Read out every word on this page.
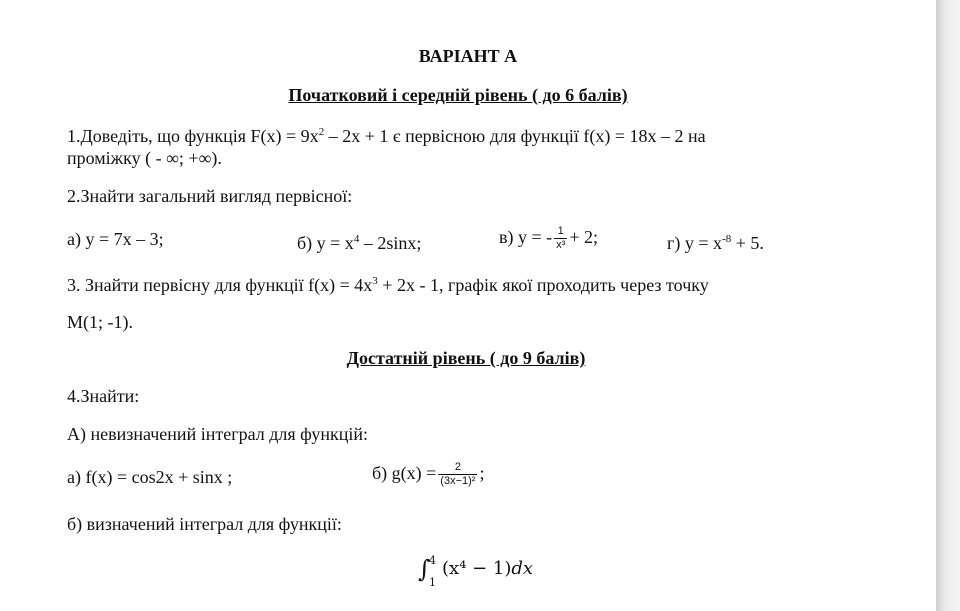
ВАРІАНТ А
Початковий і середній рівень ( до 6 балів)
1.Доведіть, що функція $F(x) = 9x^2 - 2x + 1$ є первісною для функції f(x) = 18x – 2 на
проміжку ( - ∞; +∞).
2.Знайти загальний вигляд первісної:
а) y = 7x – 3;	б) $y = x^4 - 2\sin x$;	в) y = - $\frac{1}{\text{x³}} + 2$;	г) $y = x^{-8} + 5$.
3. Знайти первісну для функції $f(x) = 4x^3 + 2x - 1$, графік якої проходить через точку
M(1; -1).
Достатній рівень ( до 9 балів)
4.Знайти:
А) невизначений інтеграл для функцій:
а) f(x) = cos2x + sinx ;	б) $g(x) = \frac{2}{\text{(3x−1)²}}$ ;
б) визначений інтеграл для функції:
∫
4
1
(x⁴ − 1)dx
